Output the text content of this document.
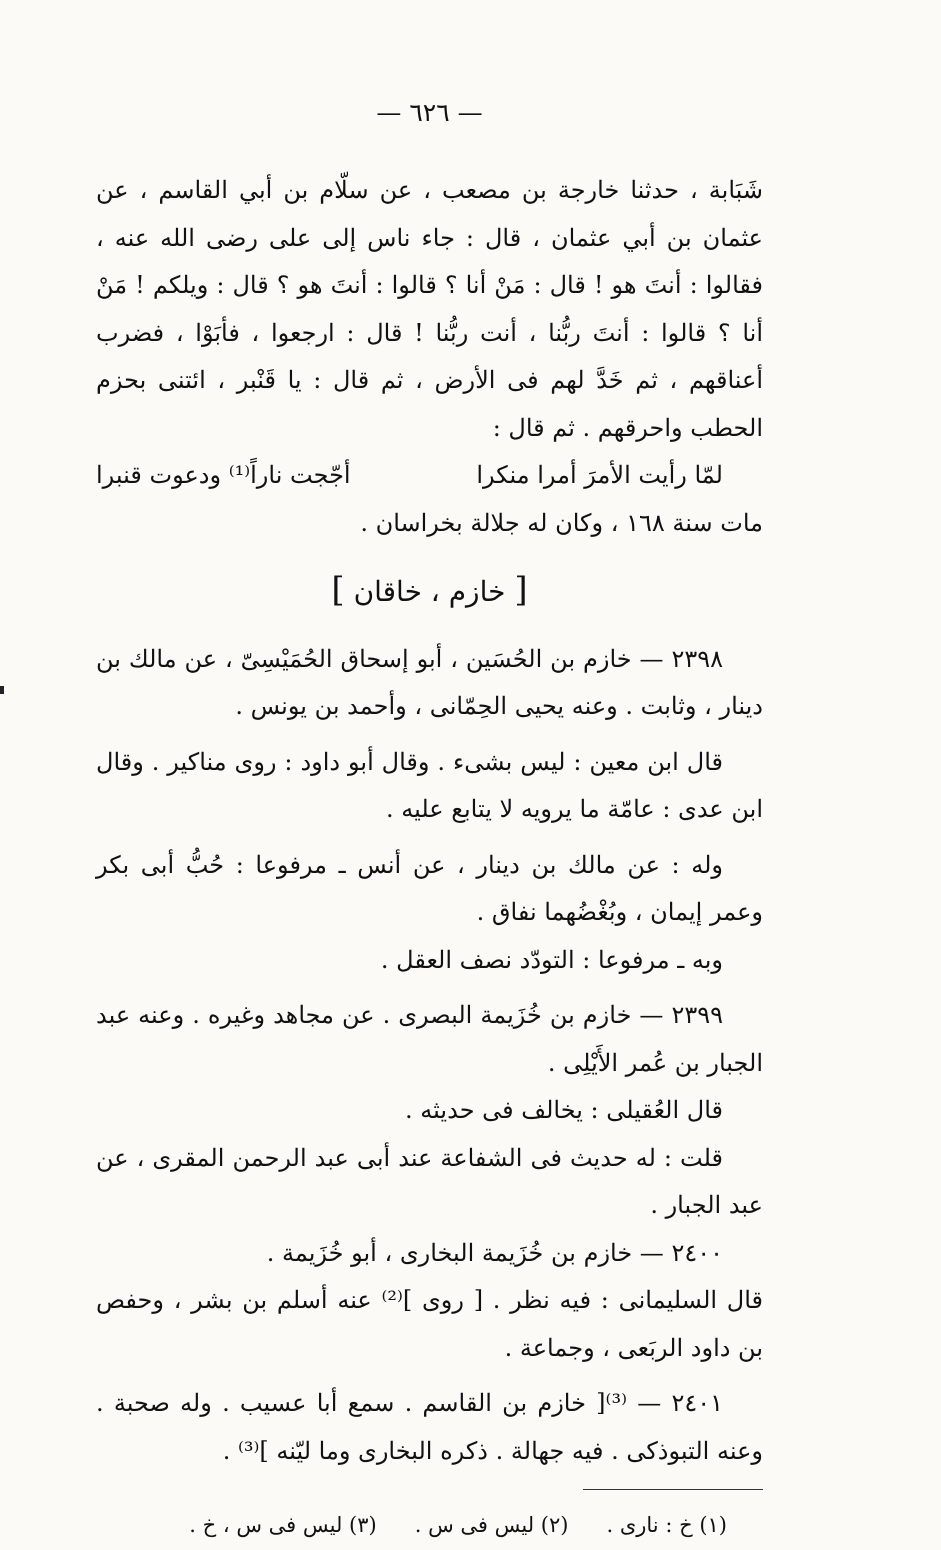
— ٦٢٦ —

شَبَابة ، حدثنا خارجة بن مصعب ، عن سلّام بن أبي القاسم ، عن عثمان بن أبي عثمان ، قال : جاء ناس إلى على رضى الله عنه ، فقالوا : أنتَ هو ! قال : مَنْ أنا ؟ قالوا : أنتَ هو ؟ قال : ويلكم ! مَنْ أنا ؟ قالوا : أنتَ ربُّنا ، أنت ربُّنا ! قال : ارجعوا ، فأبَوْا ، فضرب أعناقهم ، ثم خَدَّ لهم فى الأرض ، ثم قال : يا قَنْبر ، ائتنى بحزم الحطب واحرقهم . ثم قال :

لمّا رأيت الأمرَ أمرا منكرا
أجّجت ناراً⁽¹⁾ ودعوت قنبرا

مات سنة ١٦٨ ، وكان له جلالة بخراسان .

[ خازم ، خاقان ]

٢٣٩٨ — خازم بن الحُسَين ، أبو إسحاق الحُمَيْسِىّ ، عن مالك بن دينار ، وثابت . وعنه يحيى الحِمّانى ، وأحمد بن يونس .

قال ابن معين : ليس بشىء . وقال أبو داود : روى مناكير . وقال ابن عدى : عامّة ما يرويه لا يتابع عليه .

وله : عن مالك بن دينار ، عن أنس ـ مرفوعا : حُبُّ أبى بكر وعمر إيمان ، وبُغْضُهما نفاق .

وبه ـ مرفوعا : التودّد نصف العقل .

٢٣٩٩ — خازم بن خُزَيمة البصرى . عن مجاهد وغيره . وعنه عبد الجبار بن عُمر الأَيْلِى .

قال العُقيلى : يخالف فى حديثه .

قلت : له حديث فى الشفاعة عند أبى عبد الرحمن المقرى ، عن عبد الجبار .

٢٤٠٠ — خازم بن خُزَيمة البخارى ، أبو خُزَيمة .

قال السليمانى : فيه نظر . [ روى ]⁽²⁾ عنه أسلم بن بشر ، وحفص بن داود الربَعى ، وجماعة .

٢٤٠١ — ⁽³⁾[ خازم بن القاسم . سمع أبا عسيب . وله صحبة . وعنه التبوذكى . فيه جهالة . ذكره البخارى وما ليّنه ]⁽³⁾ .

(١) خ : نارى .
(٢) ليس فى س .
(٣) ليس فى س ، خ .
